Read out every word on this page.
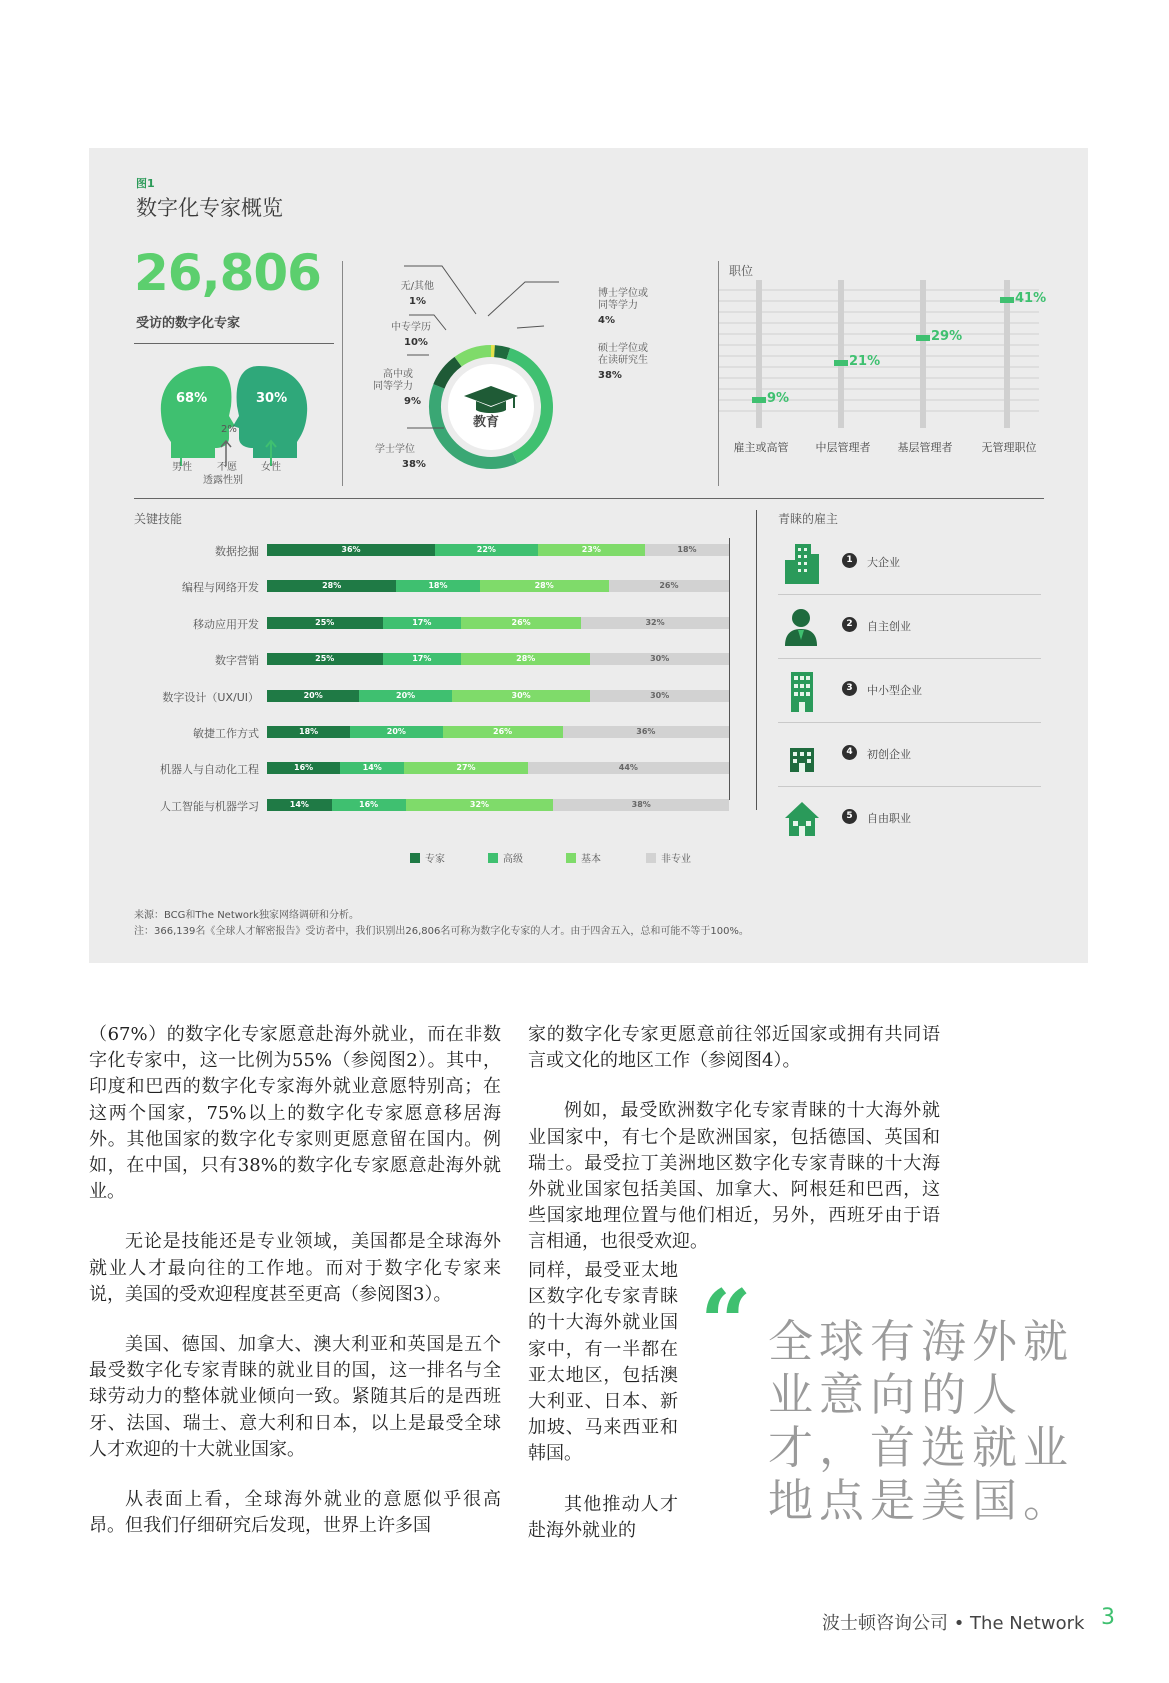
图1
数字化专家概览
26,806
受访的数字化专家
68%	30%
2%
男性	不愿
透露性别
女性
教育
无/其他
1%
中专学历
10%
高中或
同等学力
9%
学士学位
38%
博士学位或
同等学力
4%
硕士学位或
在读研究生
38%
职位
9%
21%
29%
41%
雇主或高管	中层管理者	基层管理者	无管理职位
关键技能
数据挖掘	36%	22%	23%	18%
编程与网络开发	28%	18%	28%	26%
移动应用开发	25%	17%	26%	32%
数字营销	25%	17%	28%	30%
数字设计（UX/UI）	20%	20%	30%	30%
敏捷工作方式	18%	20%	26%	36%
机器人与自动化工程	16%	14%	27%	44%
人工智能与机器学习	14%	16%	32%	38%
专家	高级	基本	非专业
青睐的雇主
1	大企业
2	自主创业
3	中小型企业
4	初创企业
5	自由职业
来源：BCG和The Network独家网络调研和分析。
注：366,139名《全球人才解密报告》受访者中，我们识别出26,806名可称为数字化专家的人才。由于四舍五入，总和可能不等于100%。

（67%）的数字化专家愿意赴海外就业，而在非数字化专家中，这一比例为55%（参阅图2）。其中，印度和巴西的数字化专家海外就业意愿特别高；在这两个国家，75%以上的数字化专家愿意移居海外。其他国家的数字化专家则更愿意留在国内。例如，在中国，只有38%的数字化专家愿意赴海外就业。

无论是技能还是专业领域，美国都是全球海外就业人才最向往的工作地。而对于数字化专家来说，美国的受欢迎程度甚至更高（参阅图3）。

美国、德国、加拿大、澳大利亚和英国是五个最受数字化专家青睐的就业目的国，这一排名与全球劳动力的整体就业倾向一致。紧随其后的是西班牙、法国、瑞士、意大利和日本，以上是最受全球人才欢迎的十大就业国家。

从表面上看，全球海外就业的意愿似乎很高昂。但我们仔细研究后发现，世界上许多国

家的数字化专家更愿意前往邻近国家或拥有共同语言或文化的地区工作（参阅图4）。

例如，最受欧洲数字化专家青睐的十大海外就业国家中，有七个是欧洲国家，包括德国、英国和瑞士。最受拉丁美洲地区数字化专家青睐的十大海外就业国家包括美国、加拿大、阿根廷和巴西，这些国家地理位置与他们相近，另外，西班牙由于语言相通，也很受欢迎。

同样，最受亚太地区数字化专家青睐的十大海外就业国家中，有一半都在亚太地区，包括澳大利亚、日本、新加坡、马来西亚和韩国。

其他推动人才赴海外就业的

“ 全球有海外就业意向的人才，首选就业地点是美国。
波士顿咨询公司 • The Network 3
